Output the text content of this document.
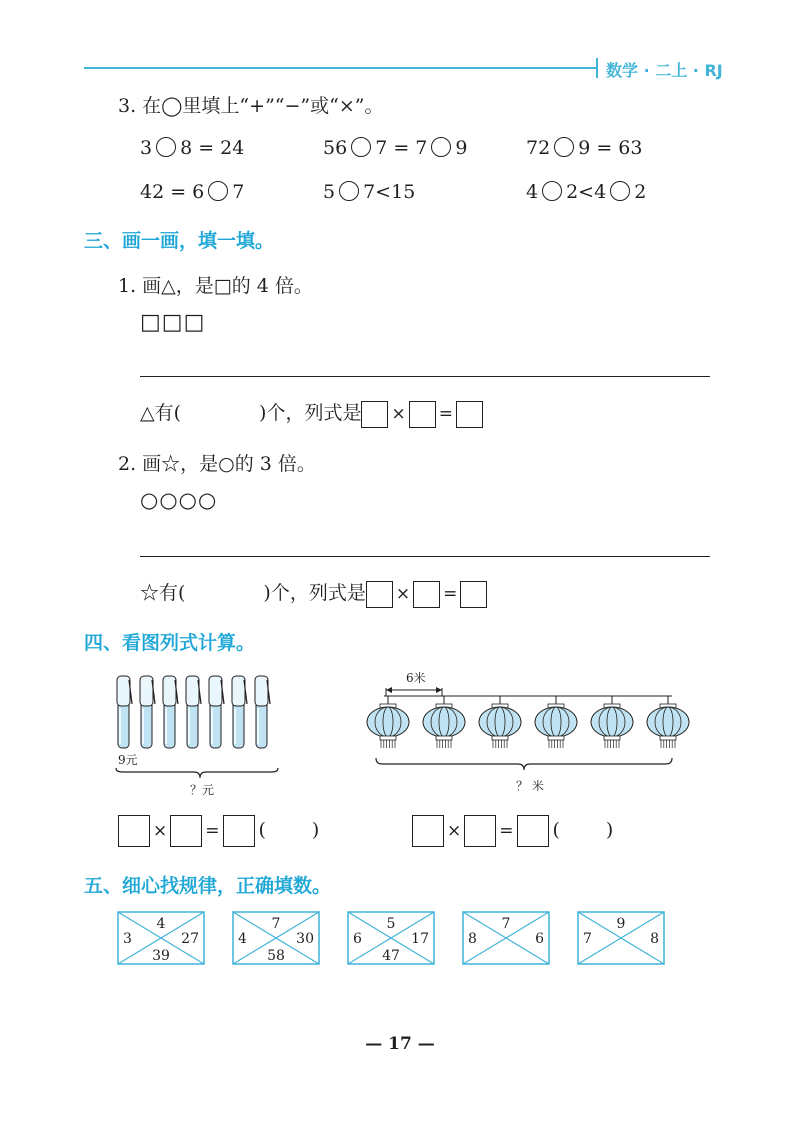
数学 · 二上 · RJ
3. 在◯里填上“+”“−”或“×”。
3 8 = 24	56 7 = 7 9	72 9 = 63
42 = 6 7	5 7<15	4 2<4 2
三、画一画，填一填。
1. 画△，是□的 4 倍。
□□□
△有(	)个，列式是 × =
2. 画☆，是○的 3 倍。
○○○○
☆有(	)个，列式是 × =
四、看图列式计算。
9元
？元
6米
？ 米
× = ( )	× = ( )
五、细心找规律，正确填数。
4
3	27
39
7
4	30
58
5
6	17
47
7
8	6
9
7	8
— 17 —
